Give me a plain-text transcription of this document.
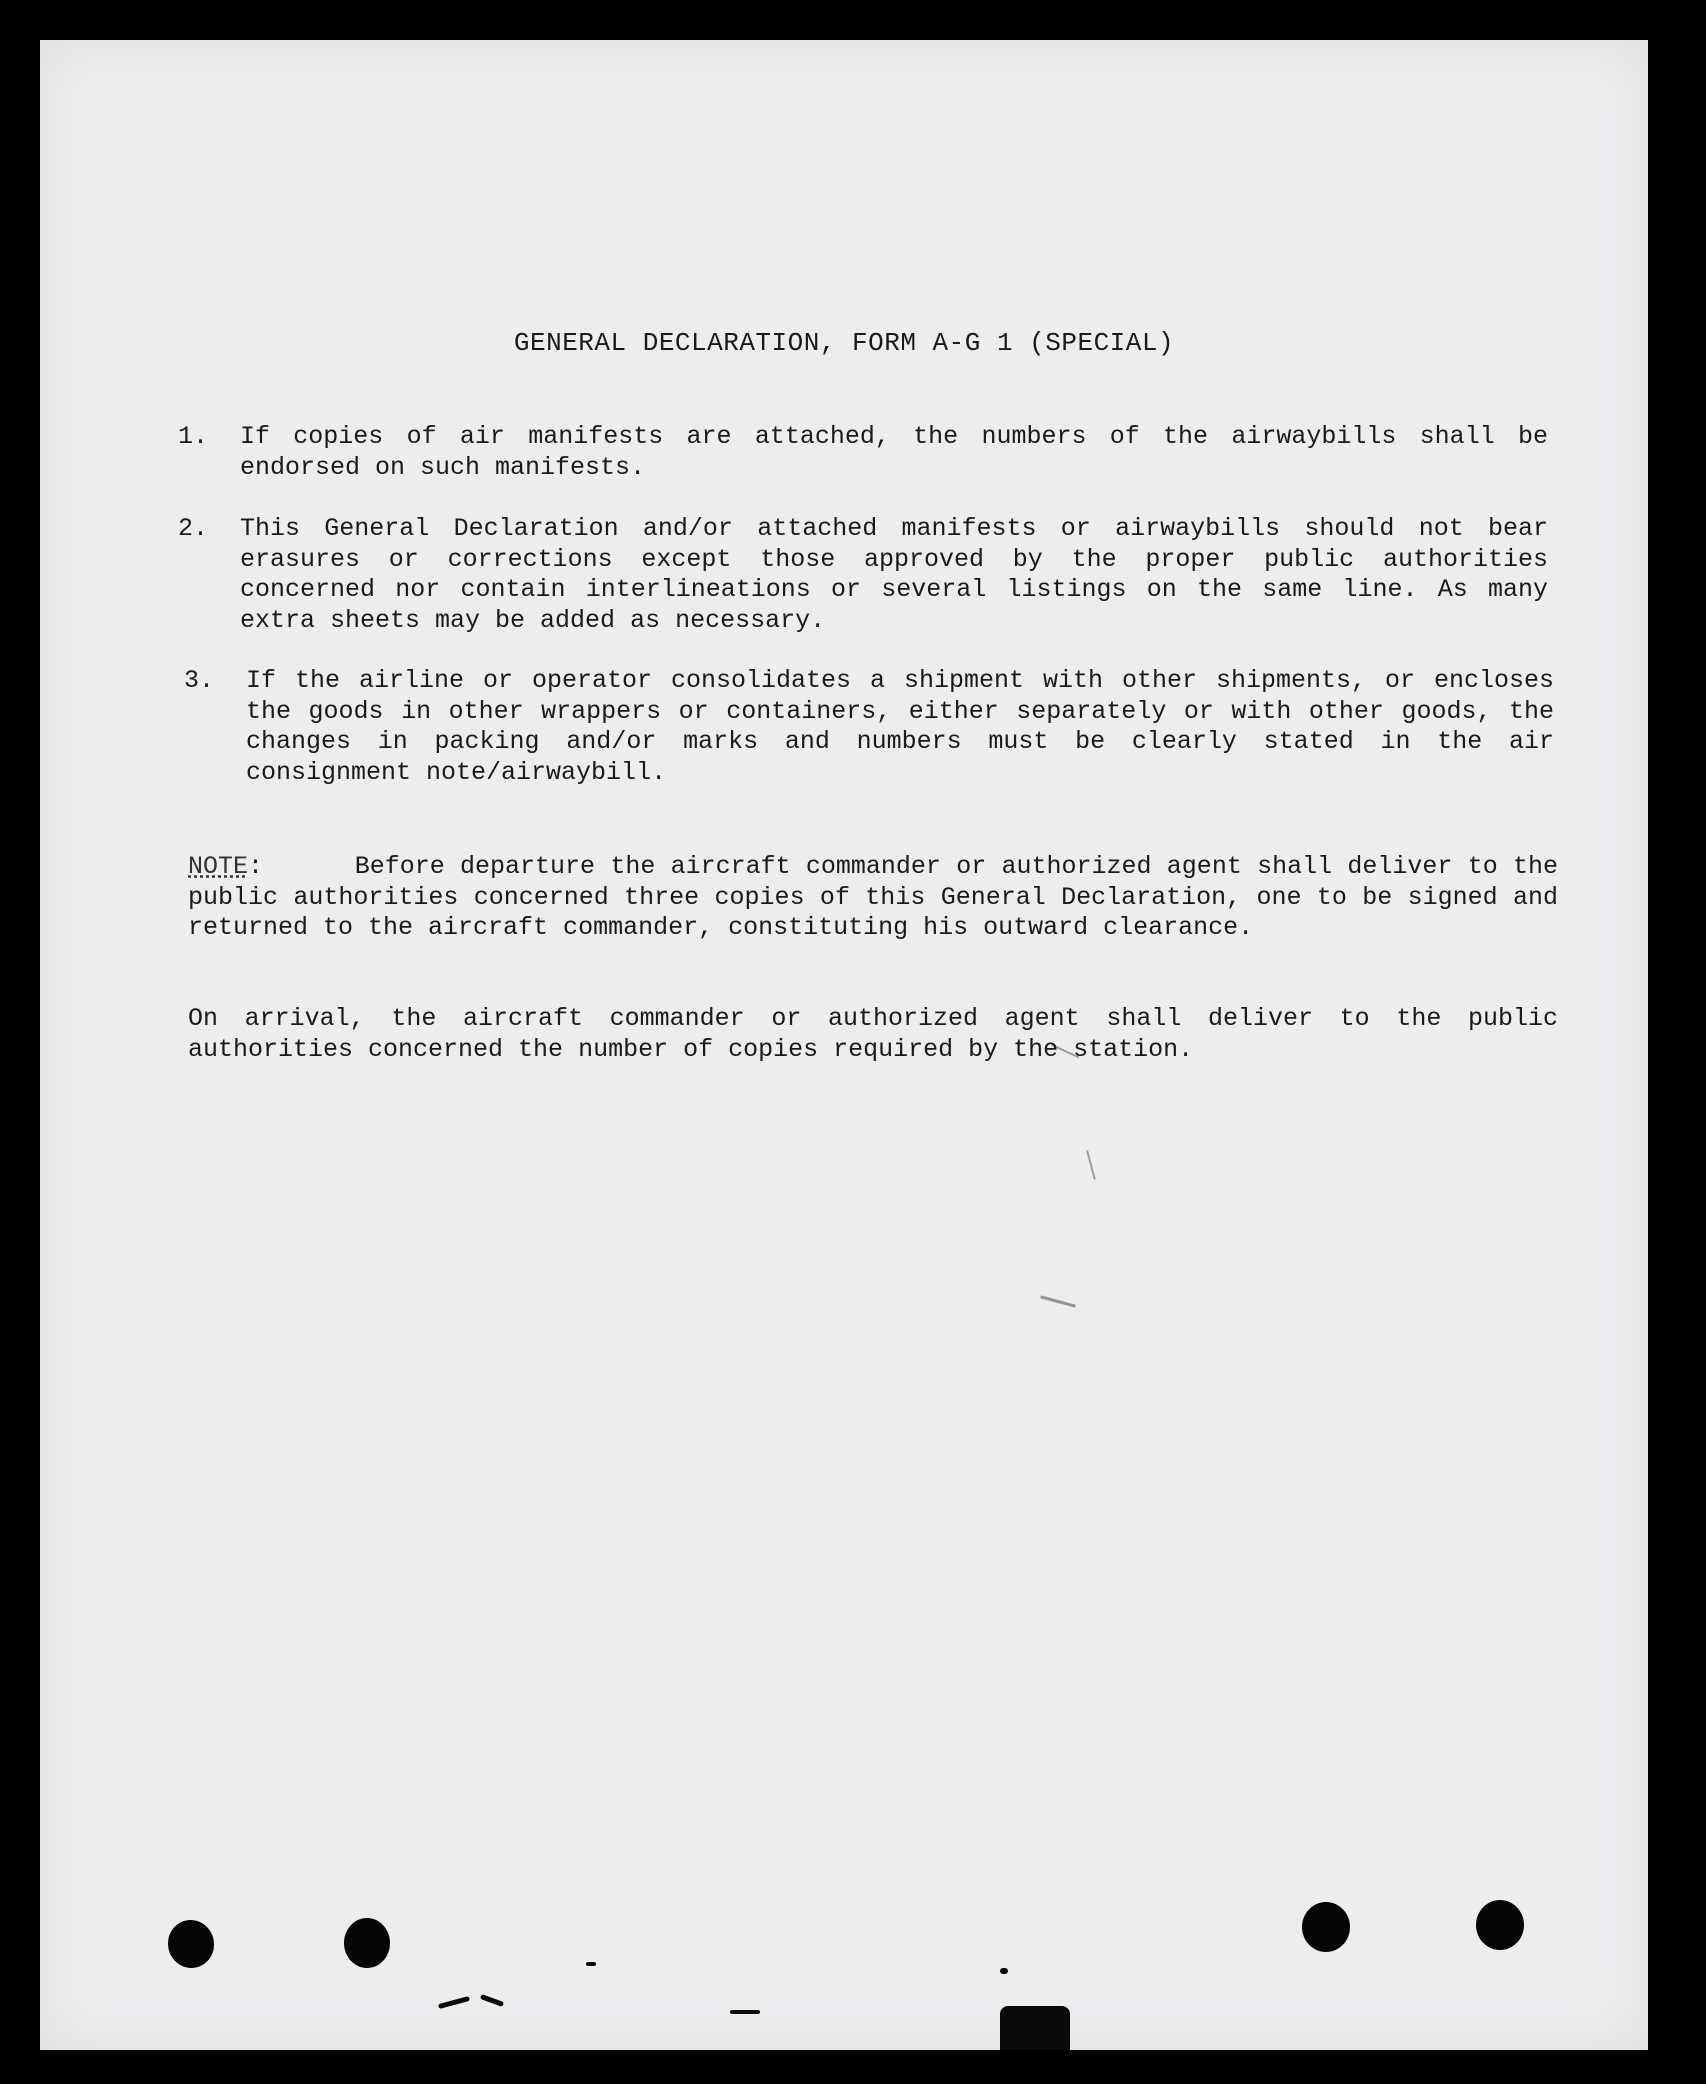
GENERAL DECLARATION, FORM A-G 1 (SPECIAL)
1.	If copies of air manifests are attached, the numbers of the airwaybills shall be endorsed on such manifests.
2.	This General Declaration and/or attached manifests or airwaybills should not bear erasures or corrections except those approved by the proper public authorities concerned nor contain interlineations or several listings on the same line. As many extra sheets may be added as necessary.
3.	If the airline or operator consolidates a shipment with other shipments, or encloses the goods in other wrappers or containers, either separately or with other goods, the changes in packing and/or marks and numbers must be clearly stated in the air consignment note/airwaybill.
NOTE:      Before departure the aircraft commander or authorized agent shall deliver to the public authorities concerned three copies of this General Declaration, one to be signed and returned to the aircraft commander, constituting his outward clearance.
On arrival, the aircraft commander or authorized agent shall deliver to the public authorities concerned the number of copies required by the station.
